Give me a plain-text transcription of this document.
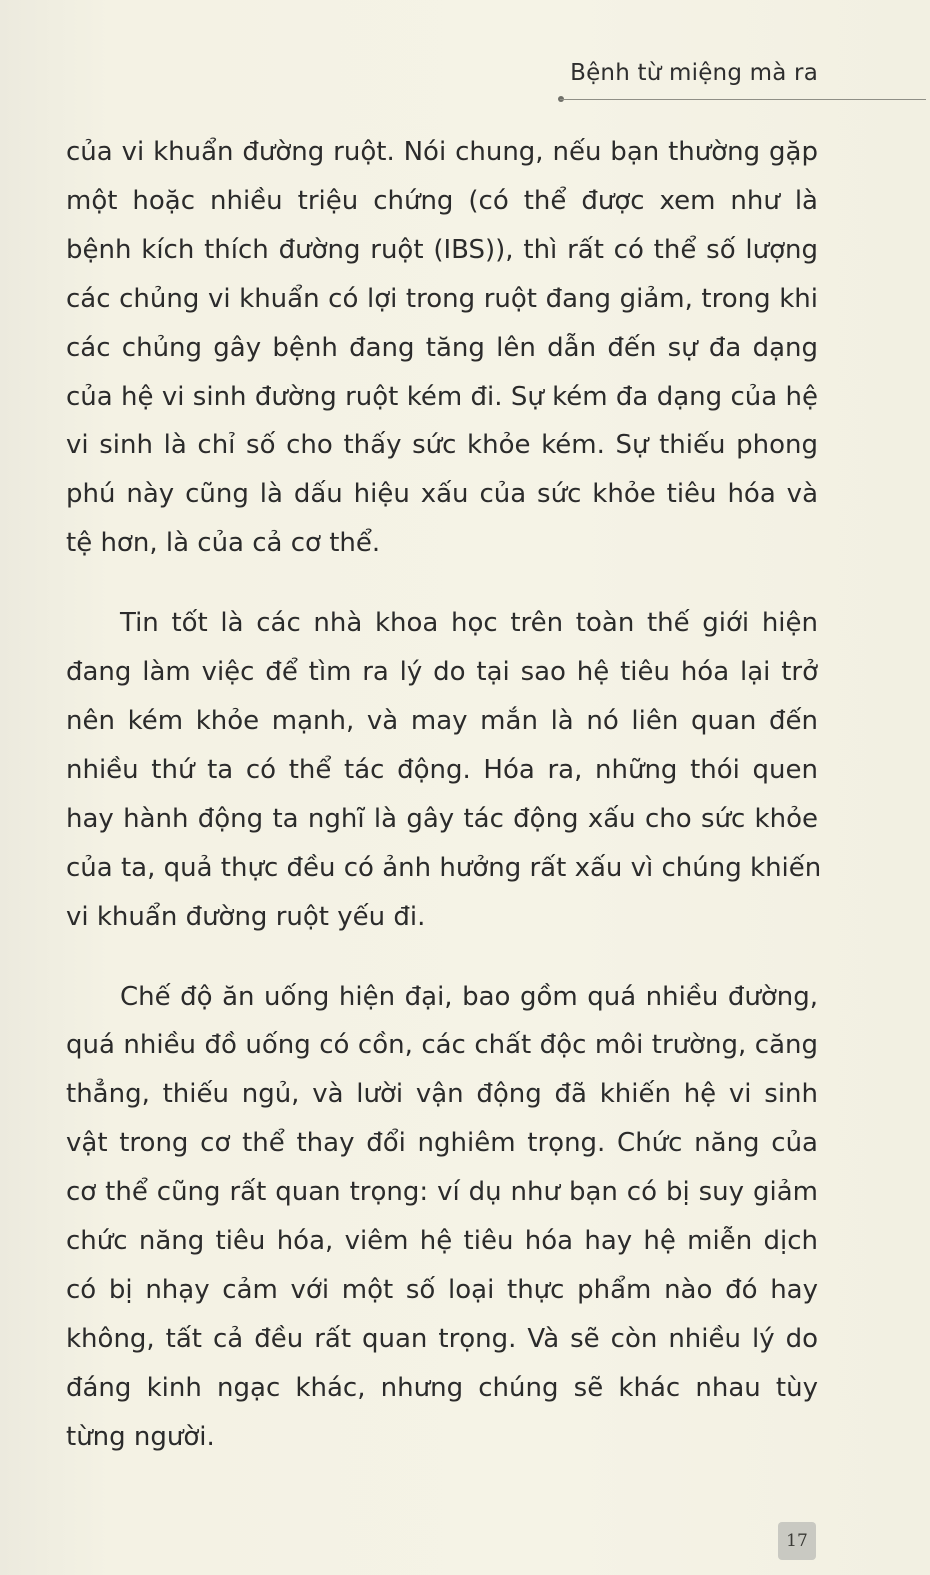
Bệnh từ miệng mà ra

của vi khuẩn đường ruột. Nói chung, nếu bạn thường gặp
một hoặc nhiều triệu chứng (có thể được xem như là
bệnh kích thích đường ruột (IBS)), thì rất có thể số lượng
các chủng vi khuẩn có lợi trong ruột đang giảm, trong khi
các chủng gây bệnh đang tăng lên dẫn đến sự đa dạng
của hệ vi sinh đường ruột kém đi. Sự kém đa dạng của hệ
vi sinh là chỉ số cho thấy sức khỏe kém. Sự thiếu phong
phú này cũng là dấu hiệu xấu của sức khỏe tiêu hóa và
tệ hơn, là của cả cơ thể.

Tin tốt là các nhà khoa học trên toàn thế giới hiện
đang làm việc để tìm ra lý do tại sao hệ tiêu hóa lại trở
nên kém khỏe mạnh, và may mắn là nó liên quan đến
nhiều thứ ta có thể tác động. Hóa ra, những thói quen
hay hành động ta nghĩ là gây tác động xấu cho sức khỏe
của ta, quả thực đều có ảnh hưởng rất xấu vì chúng khiến
vi khuẩn đường ruột yếu đi.

Chế độ ăn uống hiện đại, bao gồm quá nhiều đường,
quá nhiều đồ uống có cồn, các chất độc môi trường, căng
thẳng, thiếu ngủ, và lười vận động đã khiến hệ vi sinh
vật trong cơ thể thay đổi nghiêm trọng. Chức năng của
cơ thể cũng rất quan trọng: ví dụ như bạn có bị suy giảm
chức năng tiêu hóa, viêm hệ tiêu hóa hay hệ miễn dịch
có bị nhạy cảm với một số loại thực phẩm nào đó hay
không, tất cả đều rất quan trọng. Và sẽ còn nhiều lý do
đáng kinh ngạc khác, nhưng chúng sẽ khác nhau tùy
từng người.

17
